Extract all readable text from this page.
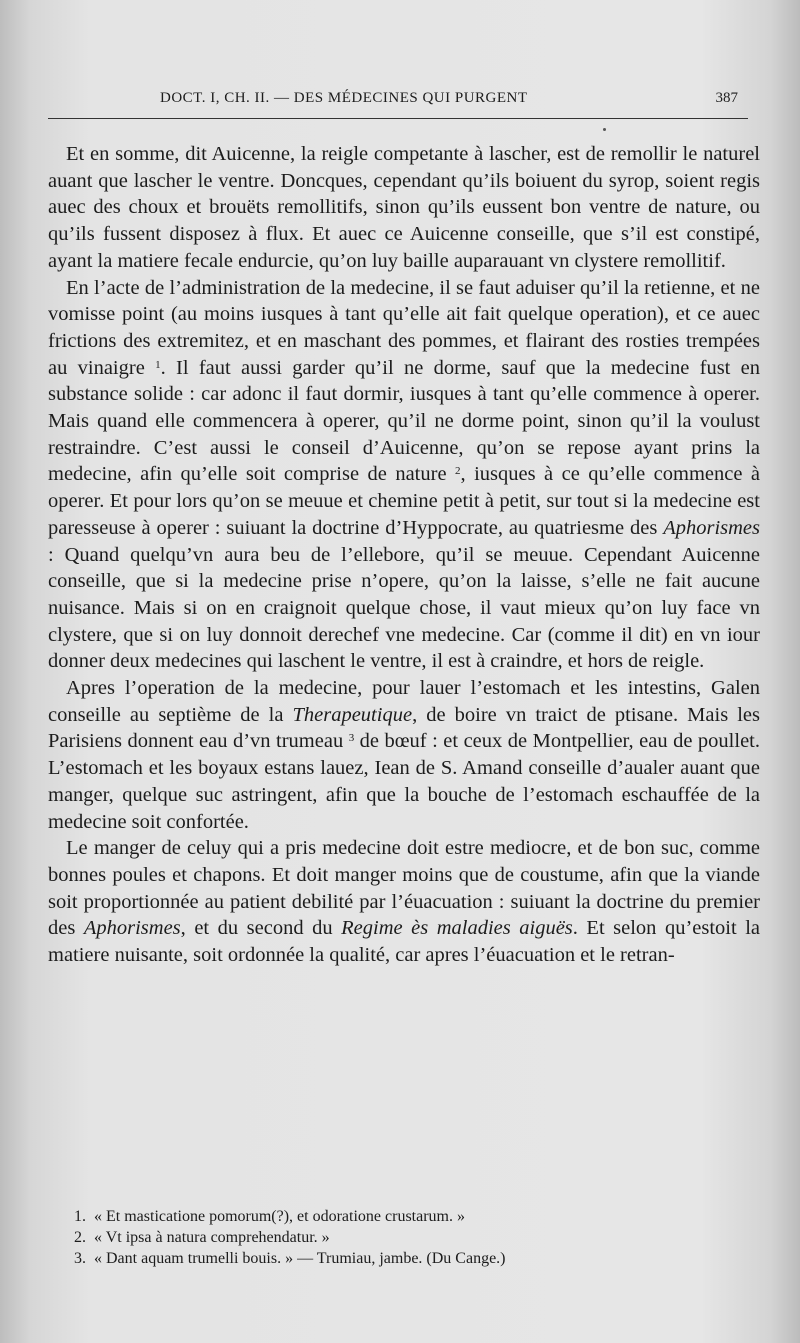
DOCT. I, CH. II. — DES MÉDECINES QUI PURGENT	387

Et en somme, dit Auicenne, la reigle competante à lascher, est de remollir le naturel auant que lascher le ventre. Doncques, cependant qu’ils boiuent du syrop, soient regis auec des choux et brouëts remollitifs, sinon qu’ils eussent bon ventre de nature, ou qu’ils fussent disposez à flux. Et auec ce Auicenne conseille, que s’il est constipé, ayant la matiere fecale endurcie, qu’on luy baille auparauant vn clystere remollitif.

En l’acte de l’administration de la medecine, il se faut aduiser qu’il la retienne, et ne vomisse point (au moins iusques à tant qu’elle ait fait quelque operation), et ce auec frictions des extremitez, et en maschant des pommes, et flairant des rosties trempées au vinaigre $^1$. Il faut aussi garder qu’il ne dorme, sauf que la medecine fust en substance solide : car adonc il faut dormir, iusques à tant qu’elle commence à operer. Mais quand elle commencera à operer, qu’il ne dorme point, sinon qu’il la voulust restraindre. C’est aussi le conseil d’Auicenne, qu’on se repose ayant prins la medecine, afin qu’elle soit comprise de nature $^2$, iusques à ce qu’elle commence à operer. Et pour lors qu’on se meuue et chemine petit à petit, sur tout si la medecine est paresseuse à operer : suiuant la doctrine d’Hyppocrate, au quatriesme des Aphorismes : Quand quelqu’vn aura beu de l’ellebore, qu’il se meuue. Cependant Auicenne conseille, que si la medecine prise n’opere, qu’on la laisse, s’elle ne fait aucune nuisance. Mais si on en craignoit quelque chose, il vaut mieux qu’on luy face vn clystere, que si on luy donnoit derechef vne medecine. Car (comme il dit) en vn iour donner deux medecines qui laschent le ventre, il est à craindre, et hors de reigle.

Apres l’operation de la medecine, pour lauer l’estomach et les intestins, Galen conseille au septième de la Therapeutique, de boire vn traict de ptisane. Mais les Parisiens donnent eau d’vn trumeau $^3$ de bœuf : et ceux de Montpellier, eau de poullet. L’estomach et les boyaux estans lauez, Iean de S. Amand conseille d’aualer auant que manger, quelque suc astringent, afin que la bouche de l’estomach eschauffée de la medecine soit confortée.

Le manger de celuy qui a pris medecine doit estre mediocre, et de bon suc, comme bonnes poules et chapons. Et doit manger moins que de coustume, afin que la viande soit proportionnée au patient debilité par l’éuacuation : suiuant la doctrine du premier des Aphorismes, et du second du Regime ès maladies aiguës. Et selon qu’estoit la matiere nuisante, soit ordonnée la qualité, car apres l’éuacuation et le retran-

1. « Et masticatione pomorum(?), et odoratione crustarum. »
2. « Vt ipsa à natura comprehendatur. »
3. « Dant aquam trumelli bouis. » — Trumiau, jambe. (Du Cange.)
